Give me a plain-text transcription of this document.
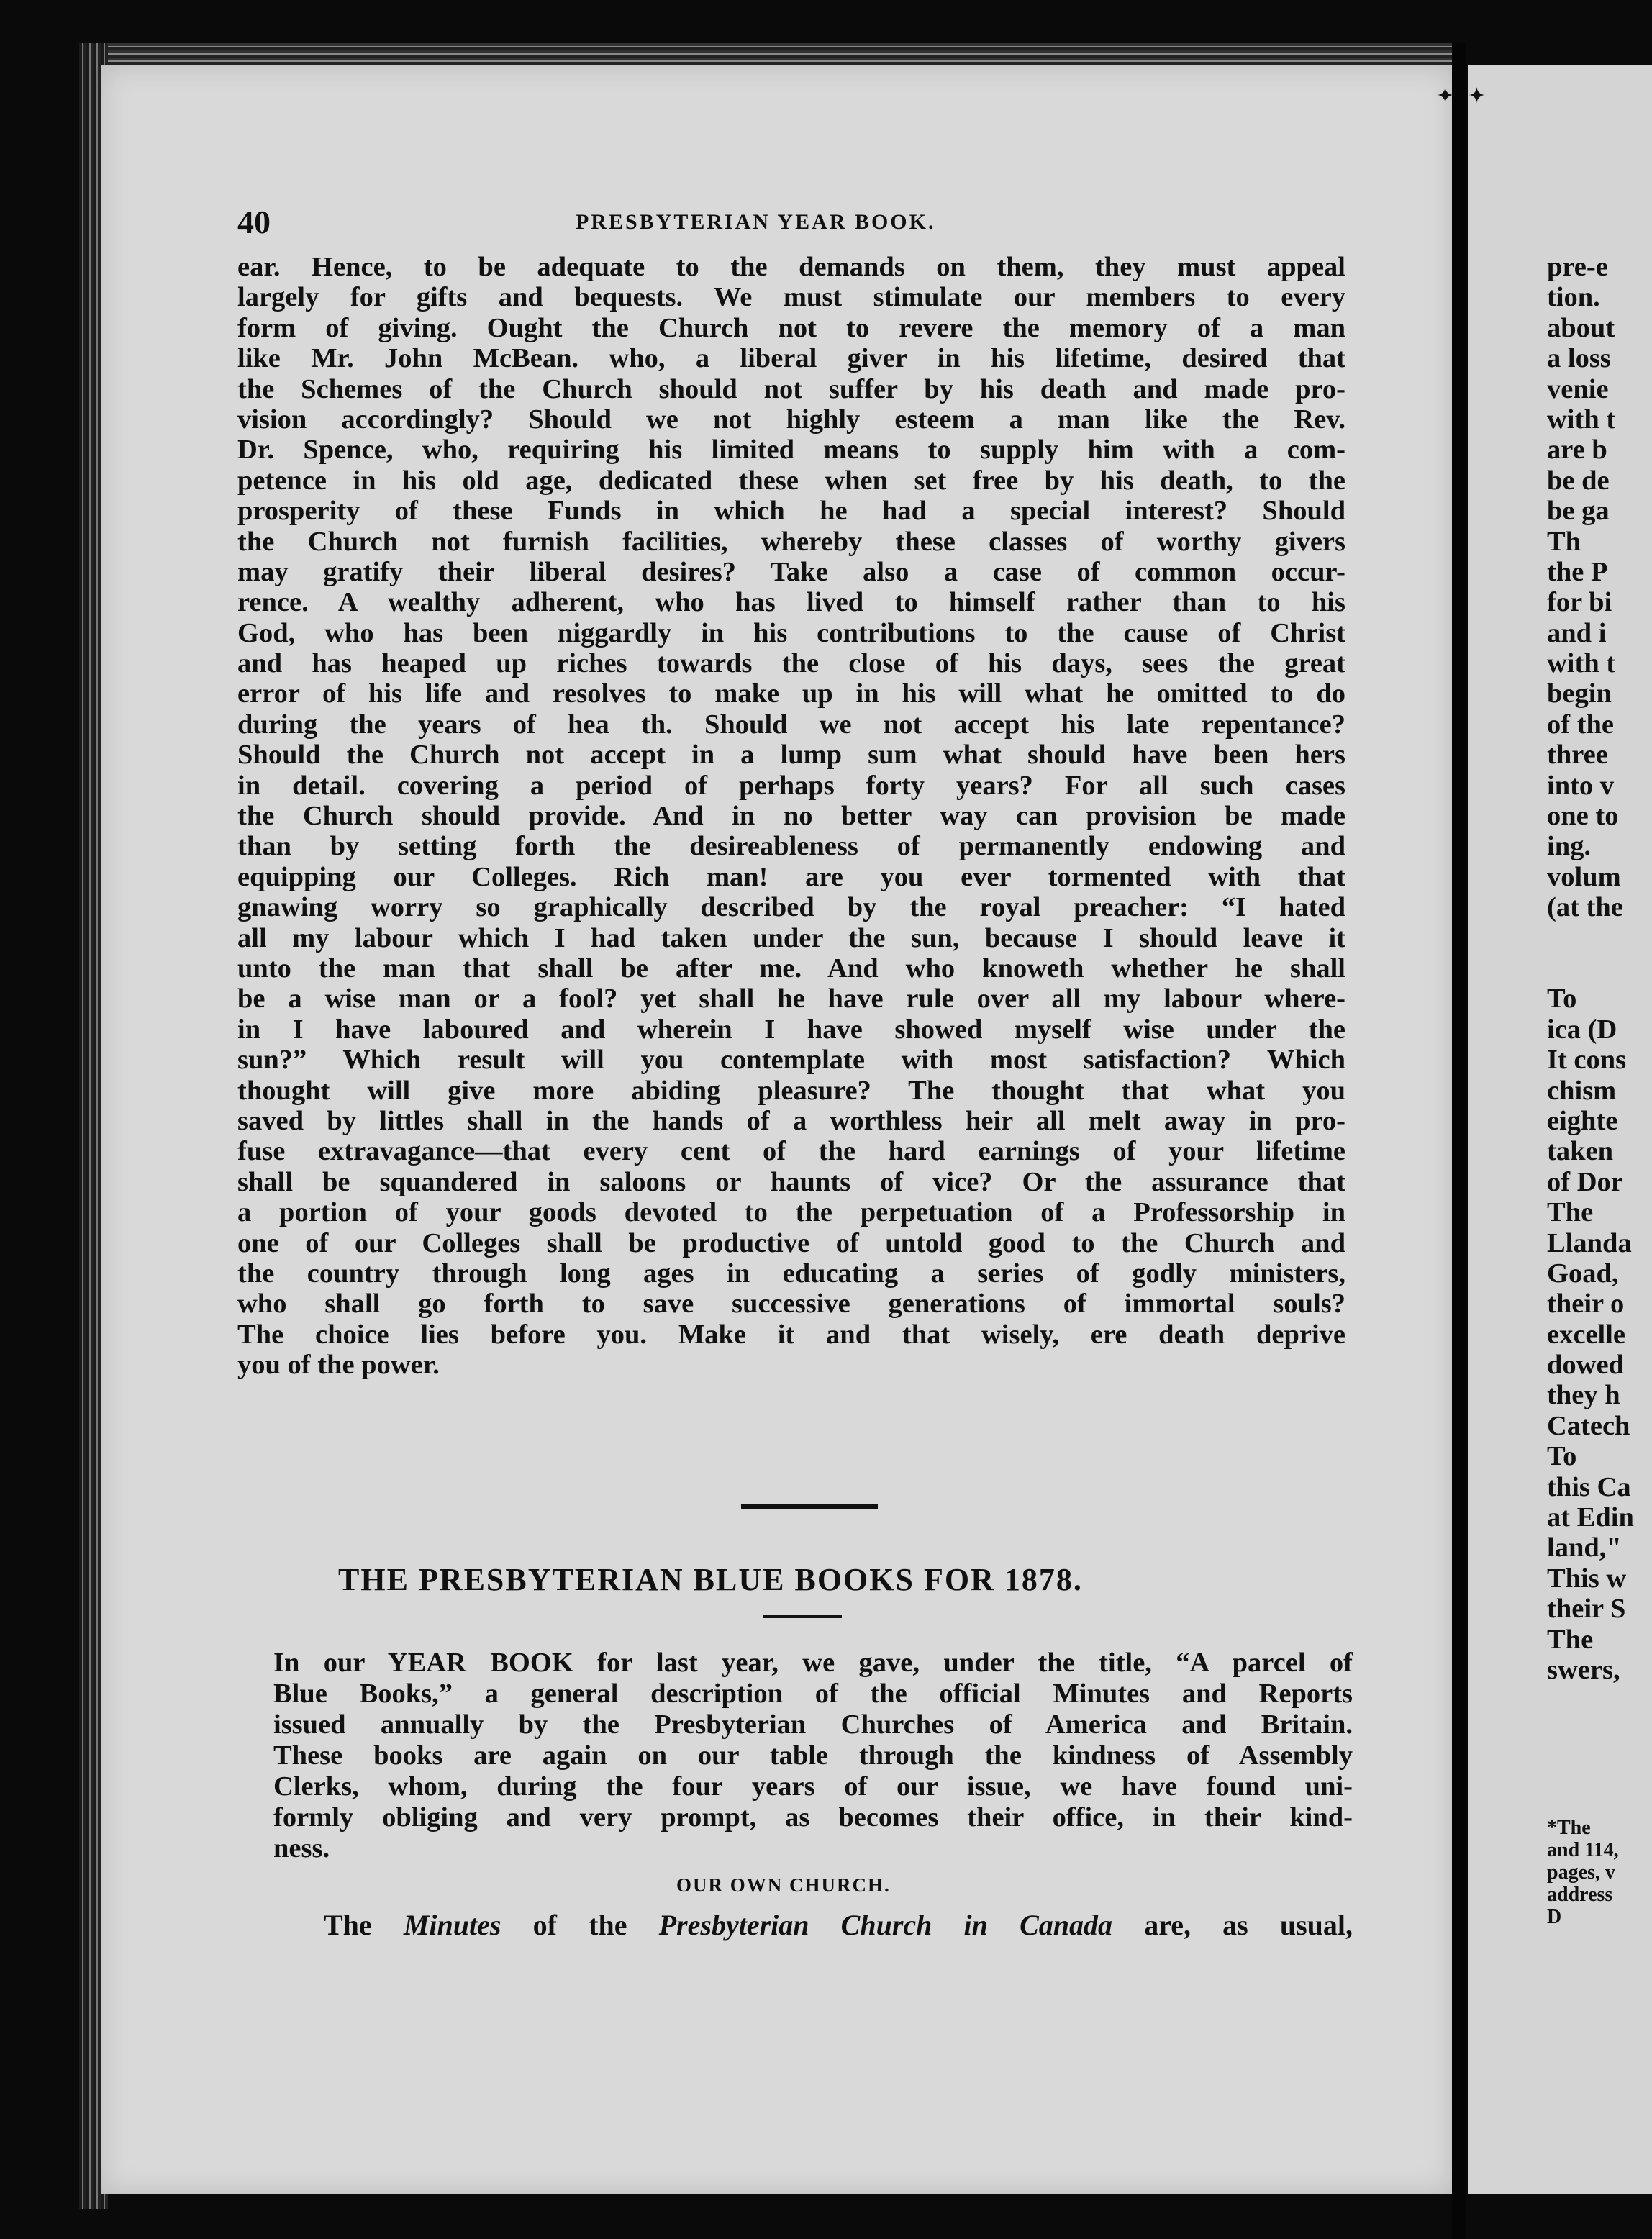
40	PRESBYTERIAN YEAR BOOK.
ear. Hence, to be adequate to the demands on them, they must appeal
largely for gifts and bequests. We must stimulate our members to every
form of giving. Ought the Church not to revere the memory of a man
like Mr. John McBean. who, a liberal giver in his lifetime, desired that
the Schemes of the Church should not suffer by his death and made pro-
vision accordingly? Should we not highly esteem a man like the Rev.
Dr. Spence, who, requiring his limited means to supply him with a com-
petence in his old age, dedicated these when set free by his death, to the
prosperity of these Funds in which he had a special interest? Should
the Church not furnish facilities, whereby these classes of worthy givers
may gratify their liberal desires? Take also a case of common occur-
rence. A wealthy adherent, who has lived to himself rather than to his
God, who has been niggardly in his contributions to the cause of Christ
and has heaped up riches towards the close of his days, sees the great
error of his life and resolves to make up in his will what he omitted to do
during the years of hea th. Should we not accept his late repentance?
Should the Church not accept in a lump sum what should have been hers
in detail. covering a period of perhaps forty years? For all such cases
the Church should provide. And in no better way can provision be made
than by setting forth the desireableness of permanently endowing and
equipping our Colleges. Rich man! are you ever tormented with that
gnawing worry so graphically described by the royal preacher: “I hated
all my labour which I had taken under the sun, because I should leave it
unto the man that shall be after me. And who knoweth whether he shall
be a wise man or a fool? yet shall he have rule over all my labour where-
in I have laboured and wherein I have showed myself wise under the
sun?” Which result will you contemplate with most satisfaction? Which
thought will give more abiding pleasure? The thought that what you
saved by littles shall in the hands of a worthless heir all melt away in pro-
fuse extravagance—that every cent of the hard earnings of your lifetime
shall be squandered in saloons or haunts of vice? Or the assurance that
a portion of your goods devoted to the perpetuation of a Professorship in
one of our Colleges shall be productive of untold good to the Church and
the country through long ages in educating a series of godly ministers,
who shall go forth to save successive generations of immortal souls?
The choice lies before you. Make it and that wisely, ere death deprive
you of the power.
THE PRESBYTERIAN BLUE BOOKS FOR 1878.
In our YEAR BOOK for last year, we gave, under the title, “A parcel of
Blue Books,” a general description of the official Minutes and Reports
issued annually by the Presbyterian Churches of America and Britain.
These books are again on our table through the kindness of Assembly
Clerks, whom, during the four years of our issue, we have found uni-
formly obliging and very prompt, as becomes their office, in their kind-
ness.
OUR OWN CHURCH.
The Minutes of the Presbyterian Church in Canada are, as usual,
pre-e
tion.
about
a loss
venie
with t
are b
be de
be ga
Th
the P
for bi
and i
with t
begin
of the
three
into v
one to
ing.
volum
(at the
To
ica (D
It cons
chism
eighte
taken
of Dor
The
Llanda
Goad,
their o
excelle
dowed
they h
Catech
To
this Ca
at Edin
land,"
This w
their S
The
swers,
*The
and 114,
pages, v
address
D
✦ ✦
